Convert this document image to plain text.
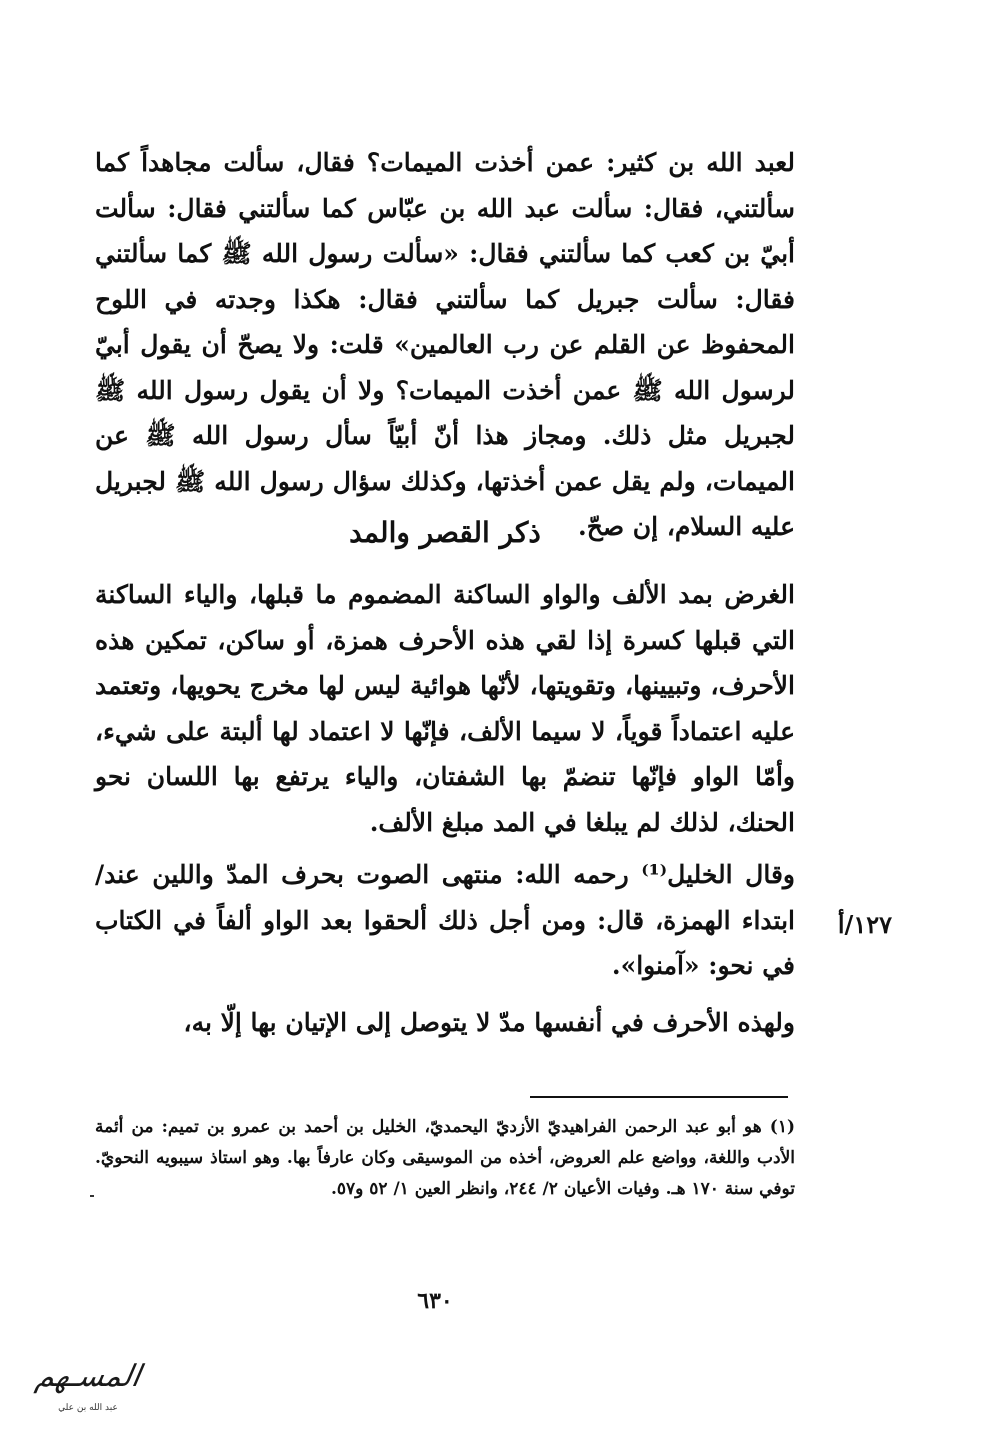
لعبد الله بن كثير: عمن أخذت الميمات؟ فقال، سألت مجاهداً كما سألتني، فقال: سألت عبد الله بن عبّاس كما سألتني فقال: سألت أبيّ بن كعب كما سألتني فقال: «سألت رسول الله ﷺ كما سألتني فقال: سألت جبريل كما سألتني فقال: هكذا وجدته في اللوح المحفوظ عن القلم عن رب العالمين» قلت: ولا يصحّ أن يقول أبيّ لرسول الله ﷺ عمن أخذت الميمات؟ ولا أن يقول رسول الله ﷺ لجبريل مثل ذلك. ومجاز هذا أنّ أبيّاً سأل رسول الله ﷺ عن الميمات، ولم يقل عمن أخذتها، وكذلك سؤال رسول الله ﷺ لجبريل عليه السلام، إن صحّ.

ذكر القصر والمد

الغرض بمد الألف والواو الساكنة المضموم ما قبلها، والياء الساكنة التي قبلها كسرة إذا لقي هذه الأحرف همزة، أو ساكن، تمكين هذه الأحرف، وتبيينها، وتقويتها، لأنّها هوائية ليس لها مخرج يحويها، وتعتمد عليه اعتماداً قوياً، لا سيما الألف، فإنّها لا اعتماد لها ألبتة على شيء، وأمّا الواو فإنّها تنضمّ بها الشفتان، والياء يرتفع بها اللسان نحو الحنك، لذلك لم يبلغا في المد مبلغ الألف.

وقال الخليل⁽¹⁾ رحمه الله: منتهى الصوت بحرف المدّ واللين عند/ابتداء الهمزة، قال: ومن أجل ذلك ألحقوا بعد الواو ألفاً في الكتاب في نحو: «آمنوا».

١٢٧/أ

ولهذه الأحرف في أنفسها مدّ لا يتوصل إلى الإتيان بها إلّا به،

(١) هو أبو عبد الرحمن الفراهيديّ الأزديّ اليحمديّ، الخليل بن أحمد بن عمرو بن تميم: من أئمة الأدب واللغة، وواضع علم العروض، أخذه من الموسيقى وكان عارفاً بها. وهو استاذ سيبويه النحويّ. توفي سنة ١٧٠ هـ. وفيات الأعيان ٢/ ٢٤٤، وانظر العين ١/ ٥٢ و٥٧.

٦٣٠
المسـهم
عبد الله بن علي
